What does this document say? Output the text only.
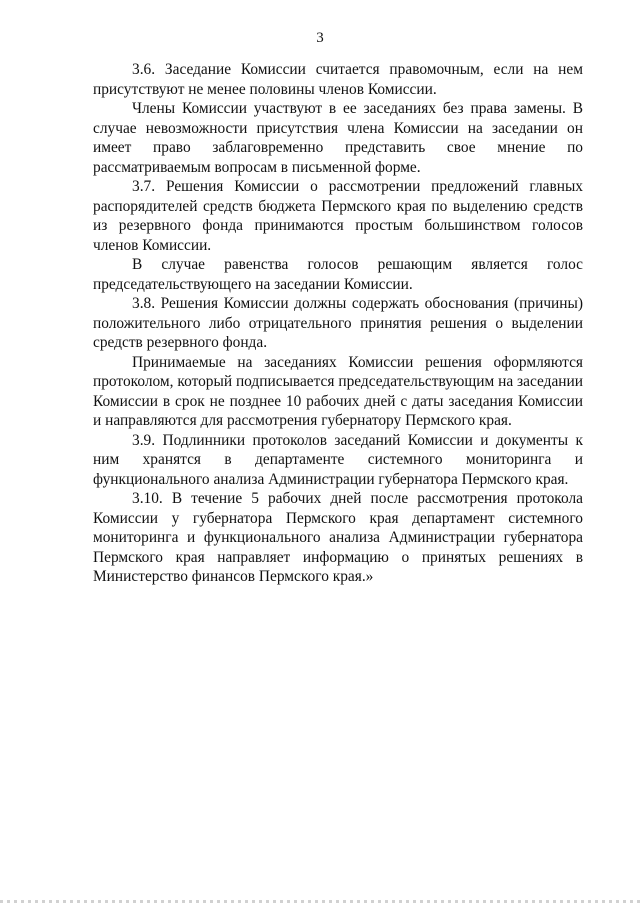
3

3.6. Заседание Комиссии считается правомочным, если на нем присутствуют не менее половины членов Комиссии.

Члены Комиссии участвуют в ее заседаниях без права замены. В случае невозможности присутствия члена Комиссии на заседании он имеет право заблаговременно представить свое мнение по рассматриваемым вопросам в письменной форме.

3.7. Решения Комиссии о рассмотрении предложений главных распорядителей средств бюджета Пермского края по выделению средств из резервного фонда принимаются простым большинством голосов членов Комиссии.

В случае равенства голосов решающим является голос председательствующего на заседании Комиссии.

3.8. Решения Комиссии должны содержать обоснования (причины) положительного либо отрицательного принятия решения о выделении средств резервного фонда.

Принимаемые на заседаниях Комиссии решения оформляются протоколом, который подписывается председательствующим на заседании Комиссии в срок не позднее 10 рабочих дней с даты заседания Комиссии и направляются для рассмотрения губернатору Пермского края.

3.9. Подлинники протоколов заседаний Комиссии и документы к ним хранятся в департаменте системного мониторинга и функционального анализа Администрации губернатора Пермского края.

3.10. В течение 5 рабочих дней после рассмотрения протокола Комиссии у губернатора Пермского края департамент системного мониторинга и функционального анализа Администрации губернатора Пермского края направляет информацию о принятых решениях в Министерство финансов Пермского края.»
